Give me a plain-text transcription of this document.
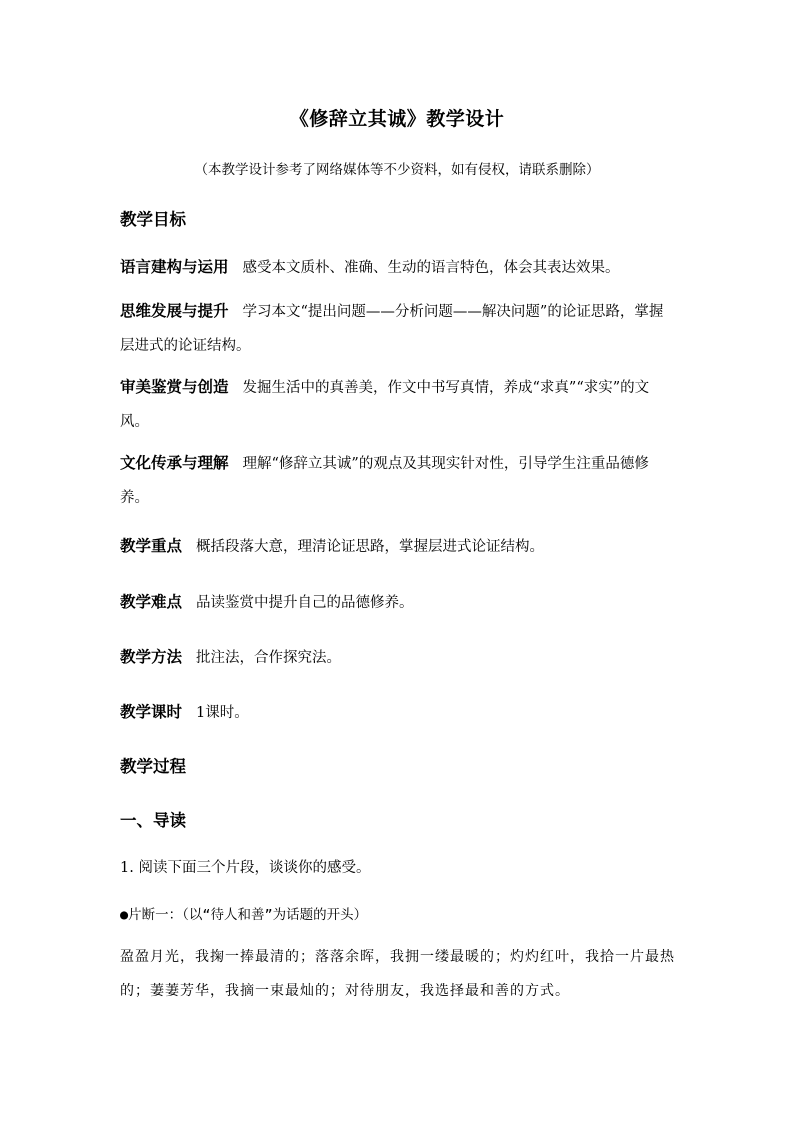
《修辞立其诚》教学设计
（本教学设计参考了网络媒体等不少资料，如有侵权，请联系删除）
教学目标
语言建构与运用 感受本文质朴、准确、生动的语言特色，体会其表达效果。
思维发展与提升 学习本文“提出问题——分析问题——解决问题”的论证思路，掌握层进式的论证结构。
审美鉴赏与创造 发掘生活中的真善美，作文中书写真情，养成“求真”“求实”的文风。
文化传承与理解 理解“修辞立其诚”的观点及其现实针对性，引导学生注重品德修养。
教学重点 概括段落大意，理清论证思路，掌握层进式论证结构。
教学难点 品读鉴赏中提升自己的品德修养。
教学方法 批注法，合作探究法。
教学课时 1课时。
教学过程
一、导读
1. 阅读下面三个片段，谈谈你的感受。
●片断一：（以“待人和善”为话题的开头）
盈盈月光，我掬一捧最清的；落落余晖，我拥一缕最暖的；灼灼红叶，我拾一片最热的；萋萋芳华，我摘一束最灿的；对待朋友，我选择最和善的方式。
